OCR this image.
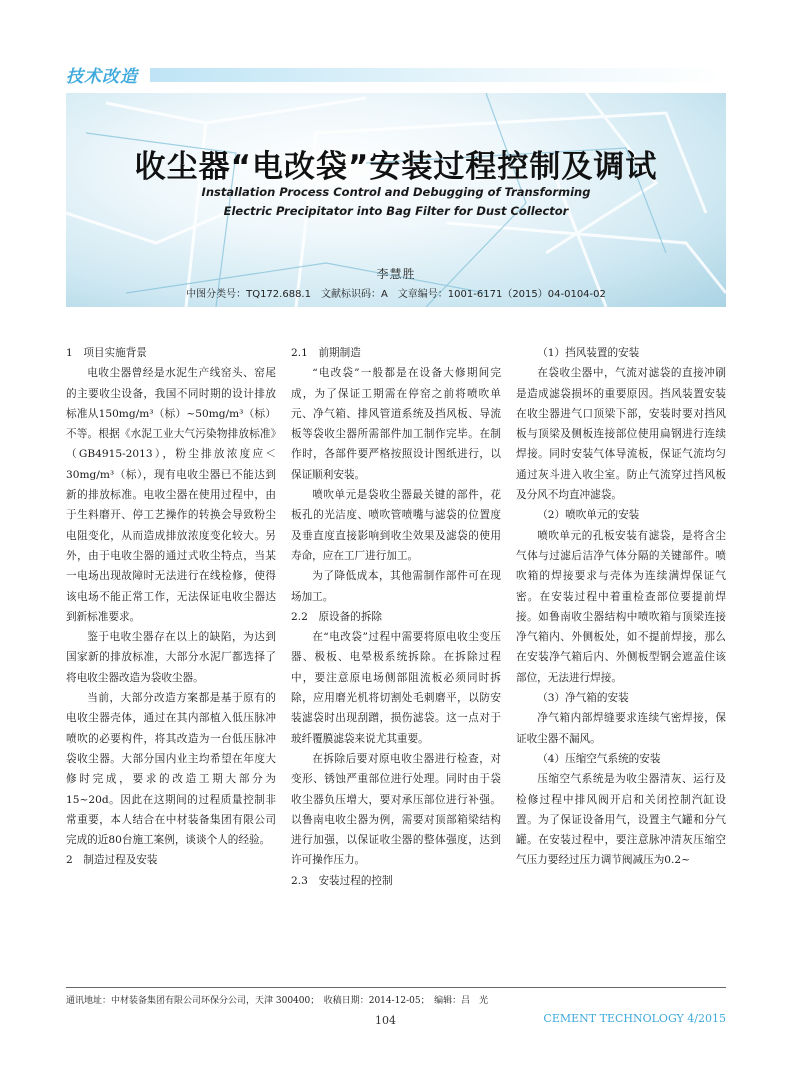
技术改造
收尘器“电改袋”安装过程控制及调试
Installation Process Control and Debugging of Transforming
Electric Precipitator into Bag Filter for Dust Collector
李慧胜
中图分类号：TQ172.688.1　文献标识码：A　文章编号：1001-6171（2015）04-0104-02

1　项目实施背景

电收尘器曾经是水泥生产线窑头、窑尾的主要收尘设备，我国不同时期的设计排放标准从150mg/m³（标）~50mg/m³（标）不等。根据《水泥工业大气污染物排放标准》（GB4915-2013），粉尘排放浓度应＜30mg/m³（标），现有电收尘器已不能达到新的排放标准。电收尘器在使用过程中，由于生料磨开、停工艺操作的转换会导致粉尘电阻变化，从而造成排放浓度变化较大。另外，由于电收尘器的通过式收尘特点，当某一电场出现故障时无法进行在线检修，使得该电场不能正常工作，无法保证电收尘器达到新标准要求。

鉴于电收尘器存在以上的缺陷，为达到国家新的排放标准，大部分水泥厂都选择了将电收尘器改造为袋收尘器。

当前，大部分改造方案都是基于原有的电收尘器壳体，通过在其内部植入低压脉冲喷吹的必要构件，将其改造为一台低压脉冲袋收尘器。大部分国内业主均希望在年度大修时完成，要求的改造工期大部分为15~20d。因此在这期间的过程质量控制非常重要，本人结合在中材装备集团有限公司完成的近80台施工案例，谈谈个人的经验。

2　制造过程及安装

2.1　前期制造

“电改袋”一般都是在设备大修期间完成，为了保证工期需在停窑之前将喷吹单元、净气箱、排风管道系统及挡风板、导流板等袋收尘器所需部件加工制作完毕。在制作时，各部件要严格按照设计图纸进行，以保证顺利安装。

喷吹单元是袋收尘器最关键的部件，花板孔的光洁度、喷吹管喷嘴与滤袋的位置度及垂直度直接影响到收尘效果及滤袋的使用寿命，应在工厂进行加工。

为了降低成本，其他需制作部件可在现场加工。

2.2　原设备的拆除

在“电改袋”过程中需要将原电收尘变压器、极板、电晕极系统拆除。在拆除过程中，要注意原电场侧部阻流板必须同时拆除，应用磨光机将切割处毛刺磨平，以防安装滤袋时出现刮蹭，损伤滤袋。这一点对于玻纤覆膜滤袋来说尤其重要。

在拆除后要对原电收尘器进行检查，对变形、锈蚀严重部位进行处理。同时由于袋收尘器负压增大，要对承压部位进行补强。以鲁南电收尘器为例，需要对顶部箱梁结构进行加强，以保证收尘器的整体强度，达到许可操作压力。

2.3　安装过程的控制

（1）挡风装置的安装

在袋收尘器中，气流对滤袋的直接冲刷是造成滤袋损坏的重要原因。挡风装置安装在收尘器进气口顶梁下部，安装时要对挡风板与顶梁及侧板连接部位使用扁钢进行连续焊接。同时安装气体导流板，保证气流均匀通过灰斗进入收尘室。防止气流穿过挡风板及分风不均直冲滤袋。

（2）喷吹单元的安装

喷吹单元的孔板安装有滤袋，是将含尘气体与过滤后洁净气体分隔的关键部件。喷吹箱的焊接要求与壳体为连续满焊保证气密。在安装过程中着重检查部位要提前焊接。如鲁南收尘器结构中喷吹箱与顶梁连接净气箱内、外侧板处，如不提前焊接，那么在安装净气箱后内、外侧板型钢会遮盖住该部位，无法进行焊接。

（3）净气箱的安装

净气箱内部焊缝要求连续气密焊接，保证收尘器不漏风。

（4）压缩空气系统的安装

压缩空气系统是为收尘器清灰、运行及检修过程中排风阀开启和关闭控制汽缸设置。为了保证设备用气，设置主气罐和分气罐。在安装过程中，要注意脉冲清灰压缩空气压力要经过压力调节阀减压为0.2~

通讯地址：中材装备集团有限公司环保分公司，天津 300400；　收稿日期：2014-12-05；　编辑：吕　光
104	CEMENT TECHNOLOGY 4/2015
